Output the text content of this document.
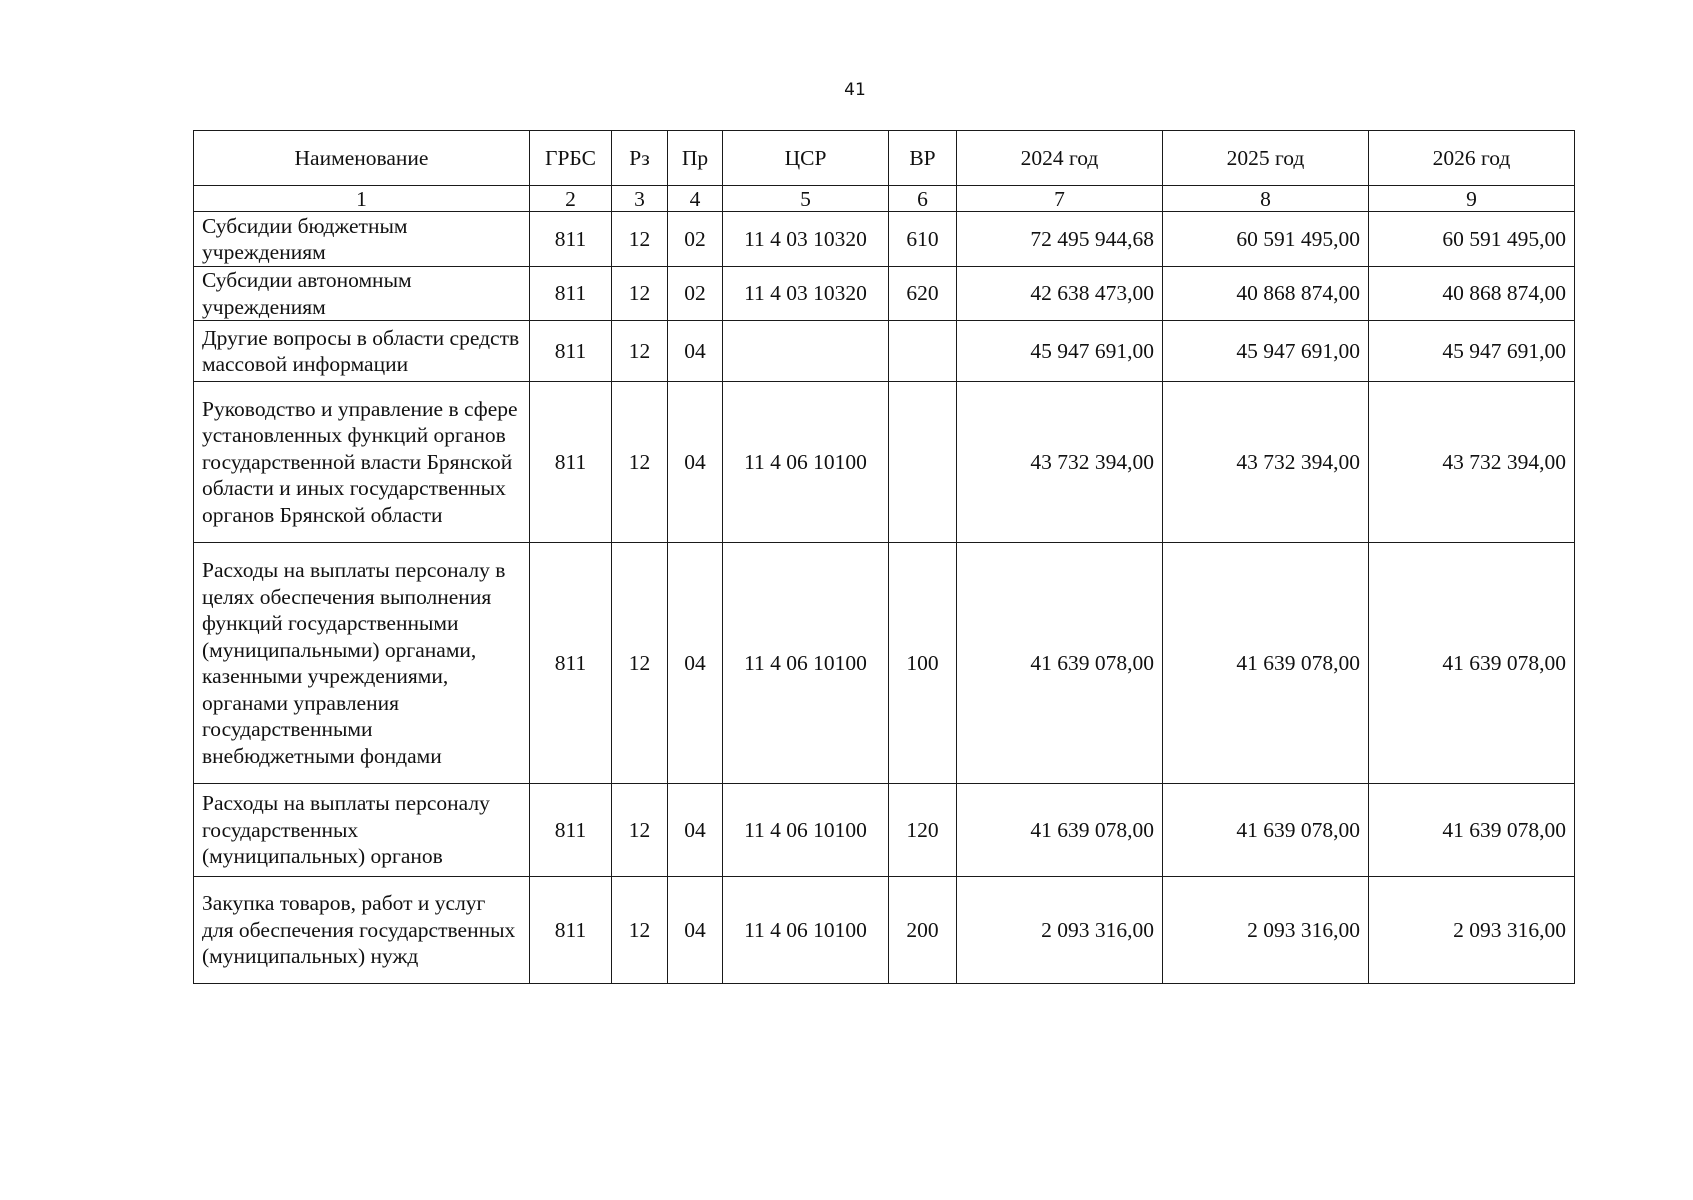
41
Наименование	ГРБС	Рз	Пр	ЦСР	ВР	2024 год	2025 год	2026 год
1	2	3	4	5	6	7	8	9
Субсидии бюджетным учреждениям	811	12	02	11 4 03 10320	610	72 495 944,68	60 591 495,00	60 591 495,00
Субсидии автономным учреждениям	811	12	02	11 4 03 10320	620	42 638 473,00	40 868 874,00	40 868 874,00
Другие вопросы в области средств массовой информации	811	12	04			45 947 691,00	45 947 691,00	45 947 691,00
Руководство и управление в сфере установленных функций органов государственной власти Брянской области и иных государственных органов Брянской области	811	12	04	11 4 06 10100		43 732 394,00	43 732 394,00	43 732 394,00
Расходы на выплаты персоналу в целях обеспечения выполнения функций государственными (муниципальными) органами, казенными учреждениями, органами управления государственными внебюджетными фондами	811	12	04	11 4 06 10100	100	41 639 078,00	41 639 078,00	41 639 078,00
Расходы на выплаты персоналу государственных (муниципальных) органов	811	12	04	11 4 06 10100	120	41 639 078,00	41 639 078,00	41 639 078,00
Закупка товаров, работ и услуг для обеспечения государственных (муниципальных) нужд	811	12	04	11 4 06 10100	200	2 093 316,00	2 093 316,00	2 093 316,00
